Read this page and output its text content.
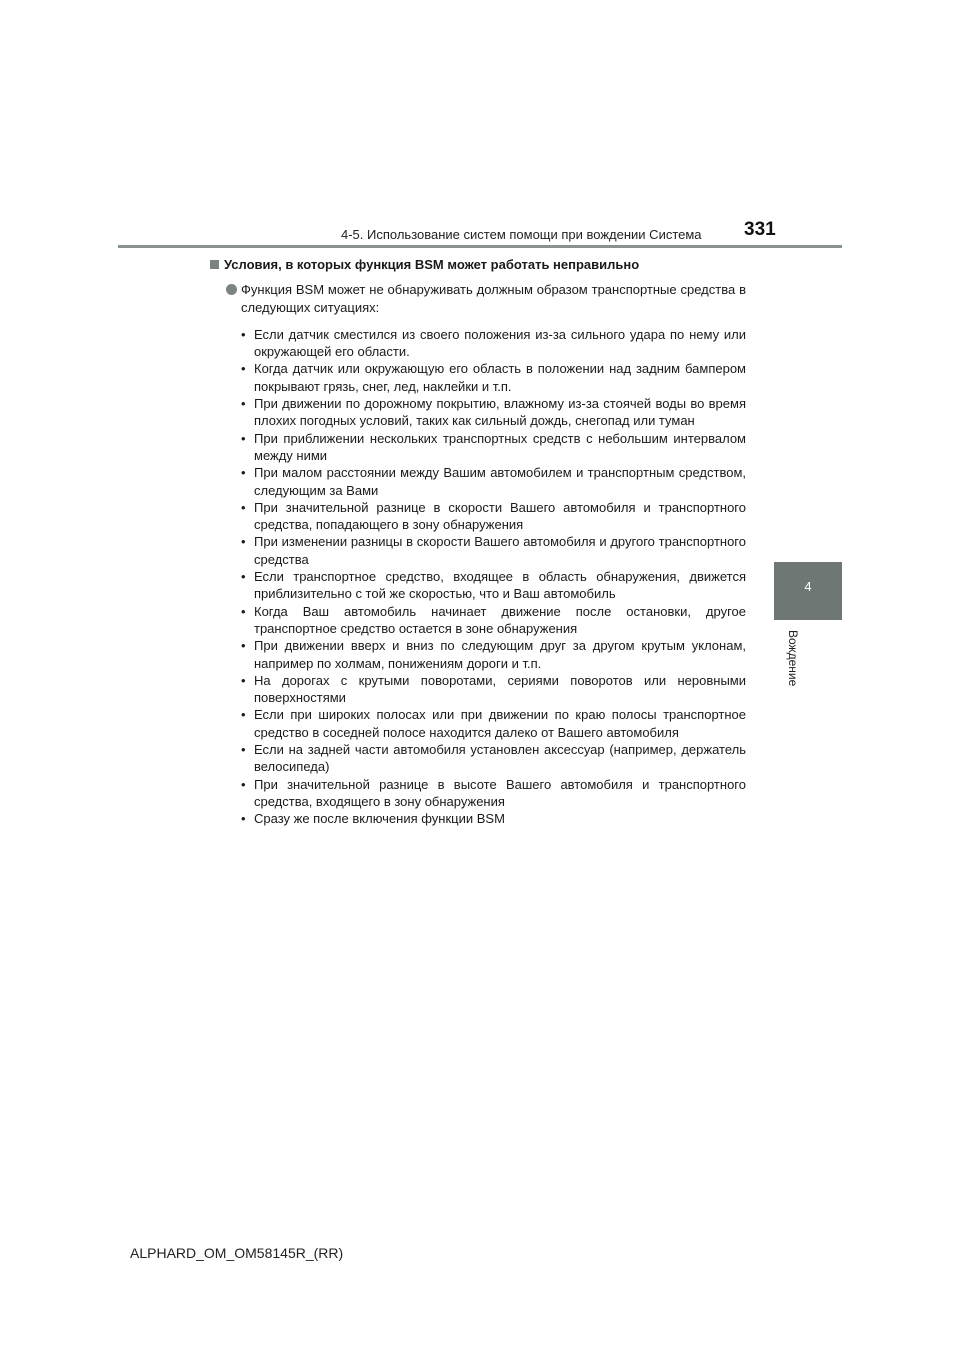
4-5. Использование систем помощи при вождении Система 331
4
Вождение
Условия, в которых функция BSM может работать неправильно
Функция BSM может не обнаруживать должным образом транспортные средства в следующих ситуациях:
• Если датчик сместился из своего положения из-за сильного удара по нему или окружающей его области.
• Когда датчик или окружающую его область в положении над задним бампером покрывают грязь, снег, лед, наклейки и т.п.
• При движении по дорожному покрытию, влажному из-за стоячей воды во время плохих погодных условий, таких как сильный дождь, снегопад или туман
• При приближении нескольких транспортных средств с небольшим интервалом между ними
• При малом расстоянии между Вашим автомобилем и транспортным средством, следующим за Вами
• При значительной разнице в скорости Вашего автомобиля и транспортного средства, попадающего в зону обнаружения
• При изменении разницы в скорости Вашего автомобиля и другого транспортного средства
• Если транспортное средство, входящее в область обнаружения, движется приблизительно с той же скоростью, что и Ваш автомобиль
• Когда Ваш автомобиль начинает движение после остановки, другое транспортное средство остается в зоне обнаружения
• При движении вверх и вниз по следующим друг за другом крутым уклонам, например по холмам, понижениям дороги и т.п.
• На дорогах с крутыми поворотами, сериями поворотов или неровными поверхностями
• Если при широких полосах или при движении по краю полосы транспортное средство в соседней полосе находится далеко от Вашего автомобиля
• Если на задней части автомобиля установлен аксессуар (например, держатель велосипеда)
• При значительной разнице в высоте Вашего автомобиля и транспортного средства, входящего в зону обнаружения
• Сразу же после включения функции BSM
ALPHARD_OM_OM58145R_(RR)
